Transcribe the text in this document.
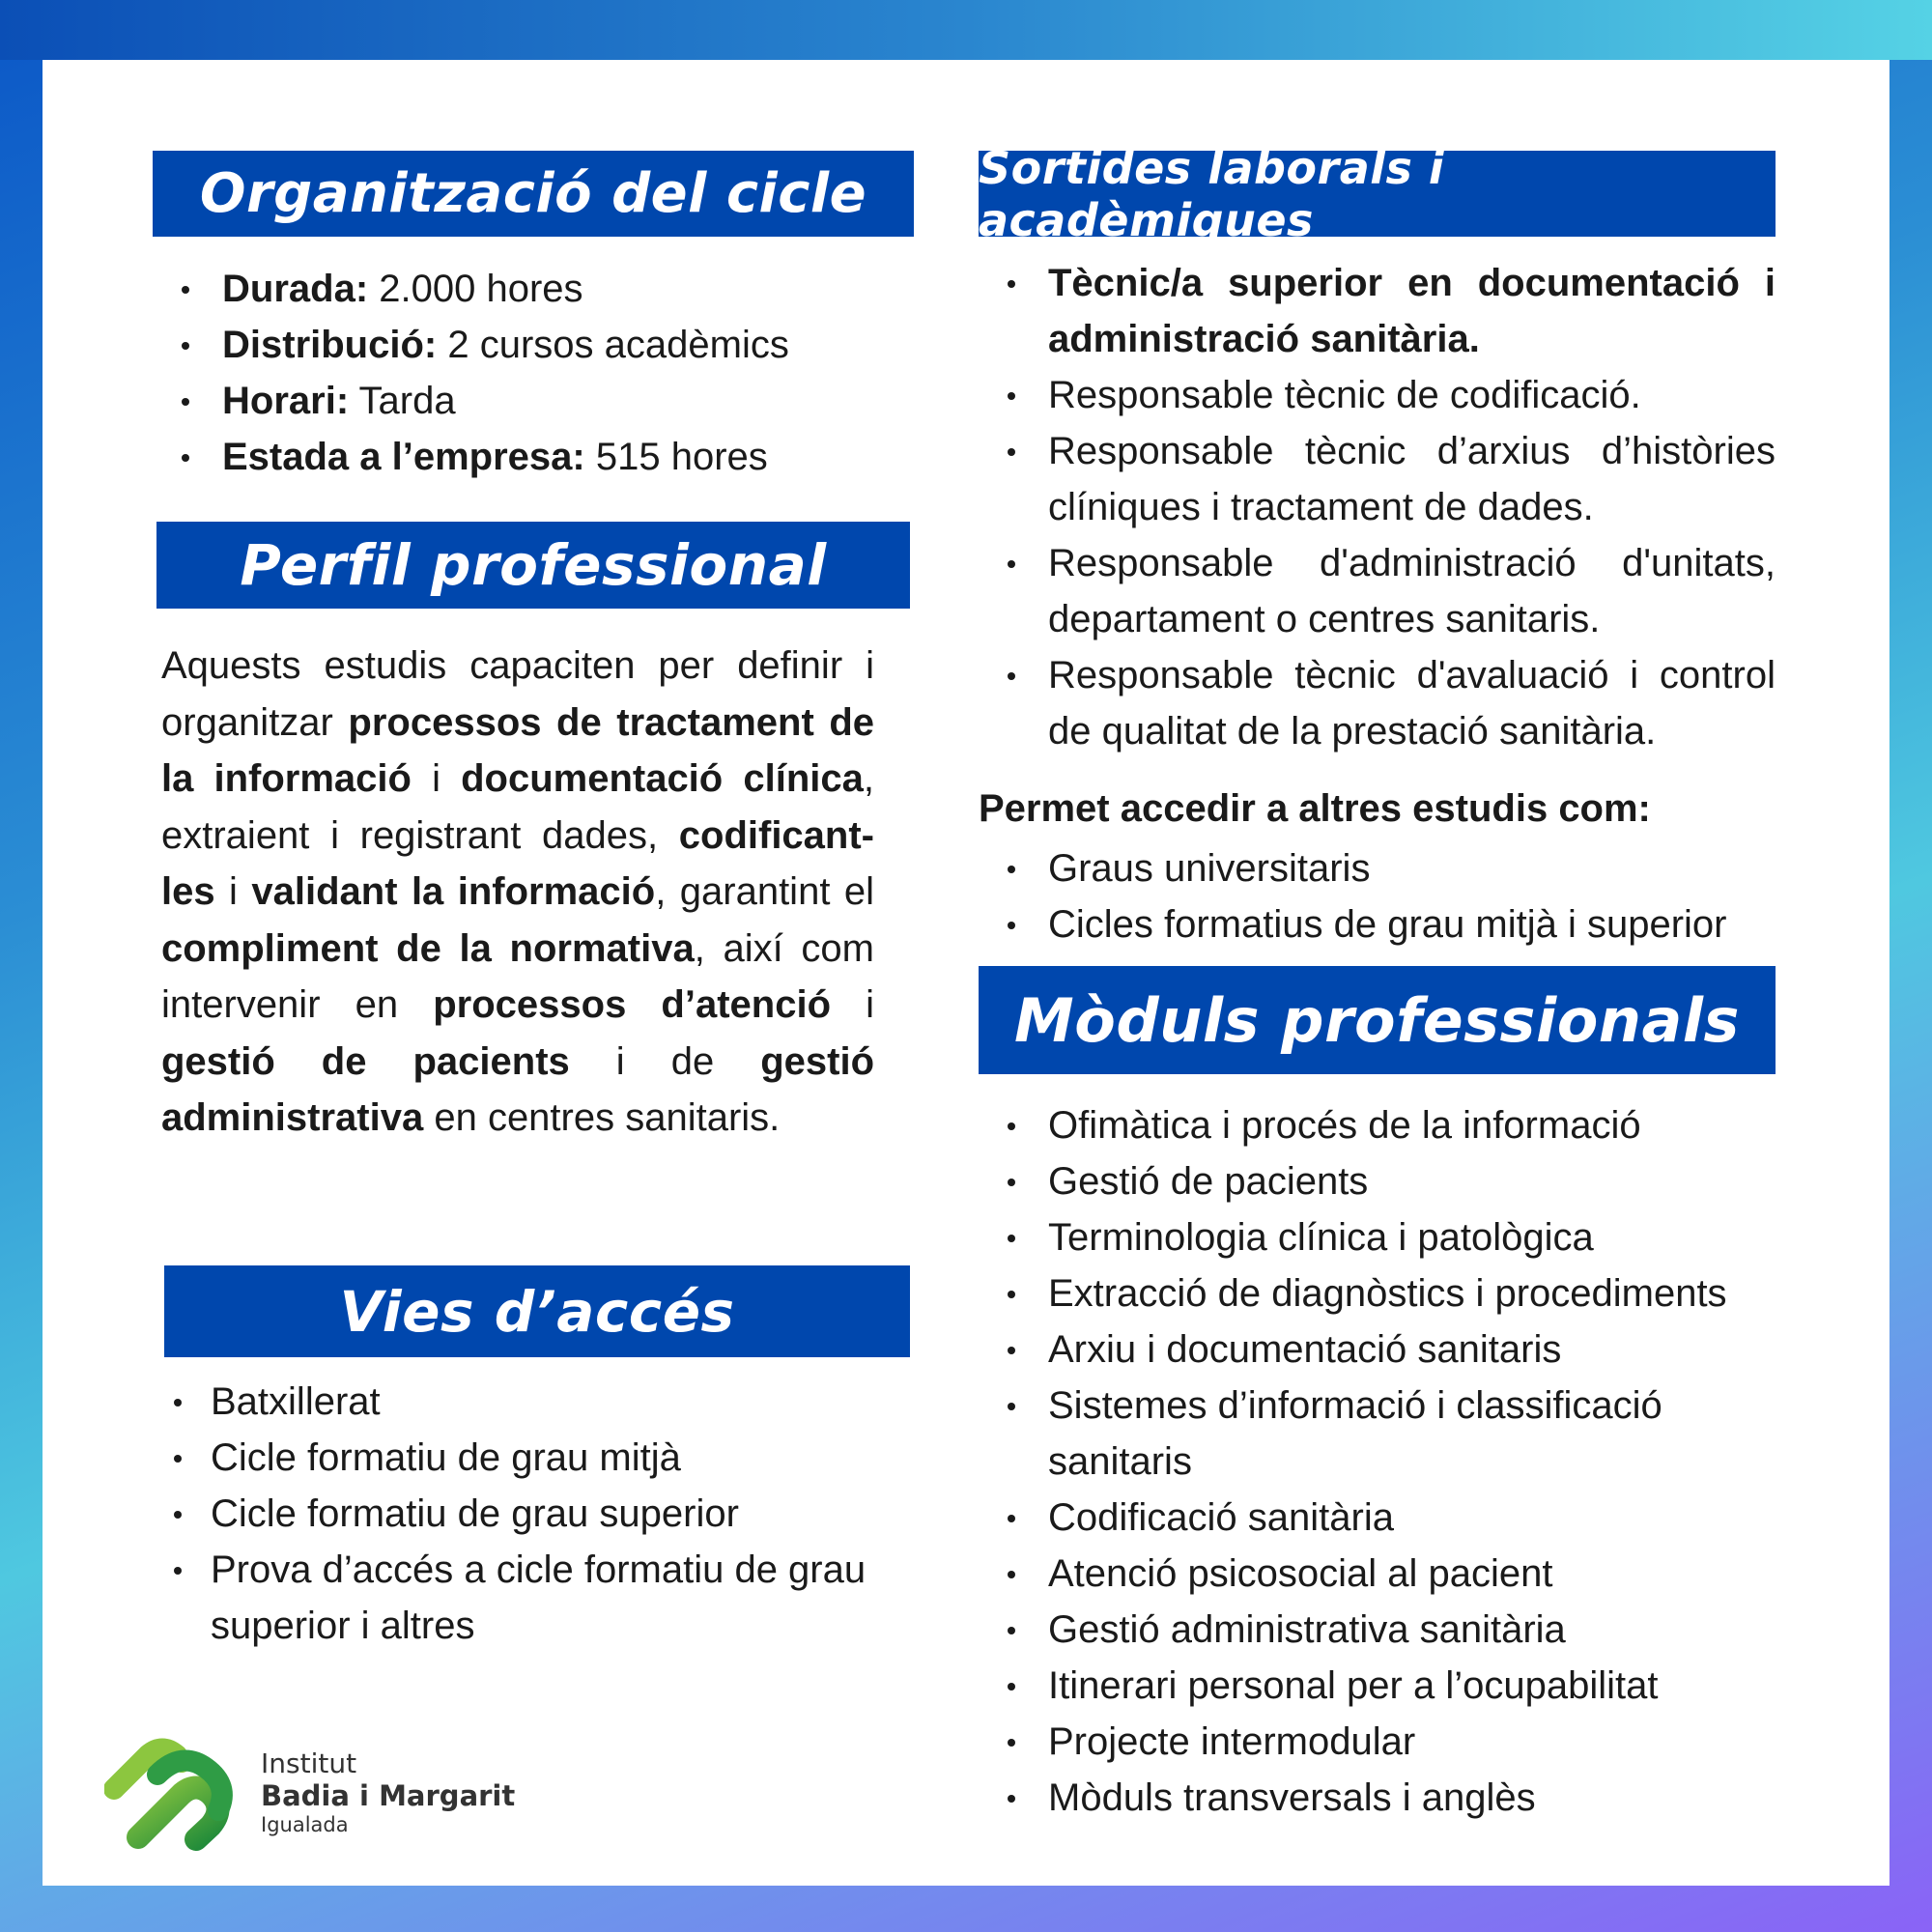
Organització del cicle
Durada: 2.000 hores
Distribució: 2 cursos acadèmics
Horari: Tarda
Estada a l’empresa: 515 hores
Perfil professional

Aquests estudis capaciten per definir i organitzar processos de tractament de la informació i documentació clínica, extraient i registrant dades, codificant-les i validant la informació, garantint el compliment de la normativa, així com intervenir en processos d’atenció i gestió de pacients i de gestió administrativa en centres sanitaris.

Vies d’accés
Batxillerat
Cicle formatiu de grau mitjà
Cicle formatiu de grau superior
Prova d’accés a cicle formatiu de grau superior i altres
Sortides laborals i acadèmiques
Tècnic/a superior en documentació i administració sanitària.
Responsable tècnic de codificació.
Responsable tècnic d’arxius d’històries clíniques i tractament de dades.
Responsable d'administració d'unitats, departament o centres sanitaris.
Responsable tècnic d'avaluació i control de qualitat de la prestació sanitària.
Permet accedir a altres estudis com:
Graus universitaris
Cicles formatius de grau mitjà i superior
Mòduls professionals
Ofimàtica i procés de la informació
Gestió de pacients
Terminologia clínica i patològica
Extracció de diagnòstics i procediments
Arxiu i documentació sanitaris
Sistemes d’informació i classificació sanitaris
Codificació sanitària
Atenció psicosocial al pacient
Gestió administrativa sanitària
Itinerari personal per a l’ocupabilitat
Projecte intermodular
Mòduls transversals i anglès
Institut
Badia i Margarit
Igualada
